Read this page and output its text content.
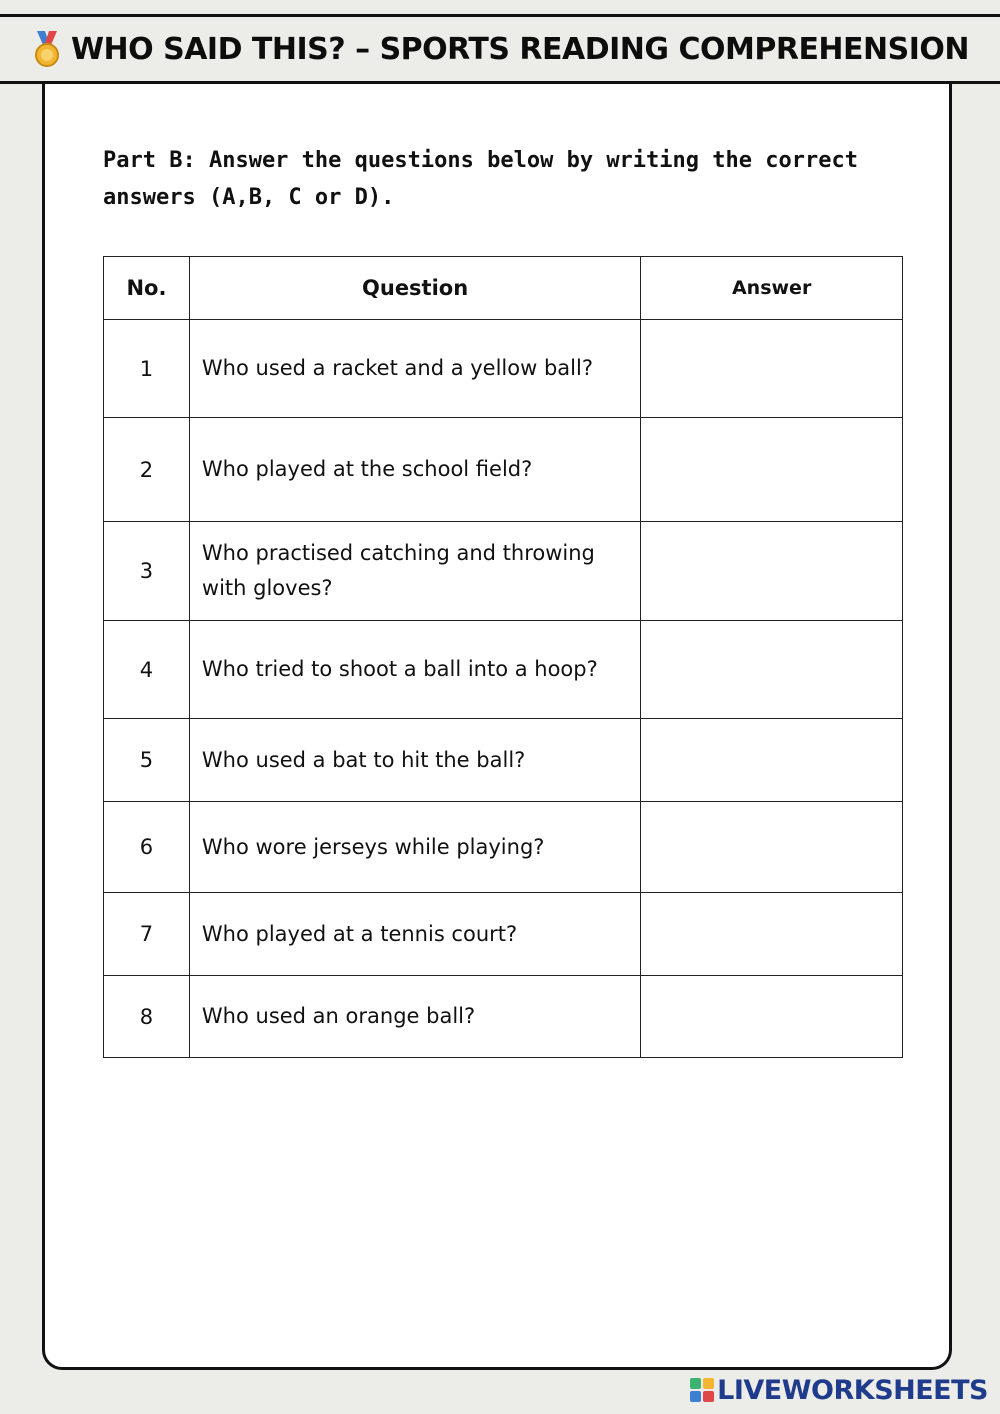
WHO SAID THIS? – SPORTS READING COMPREHENSION
Part B: Answer the questions below by writing the correct answers (A,B, C or D).
No.	Question	Answer
1	Who used a racket and a yellow ball?	
2	Who played at the school field?	
3	Who practised catching and throwing with gloves?	
4	Who tried to shoot a ball into a hoop?	
5	Who used a bat to hit the ball?	
6	Who wore jerseys while playing?	
7	Who played at a tennis court?	
8	Who used an orange ball?	
LIVEWORKSHEETS
